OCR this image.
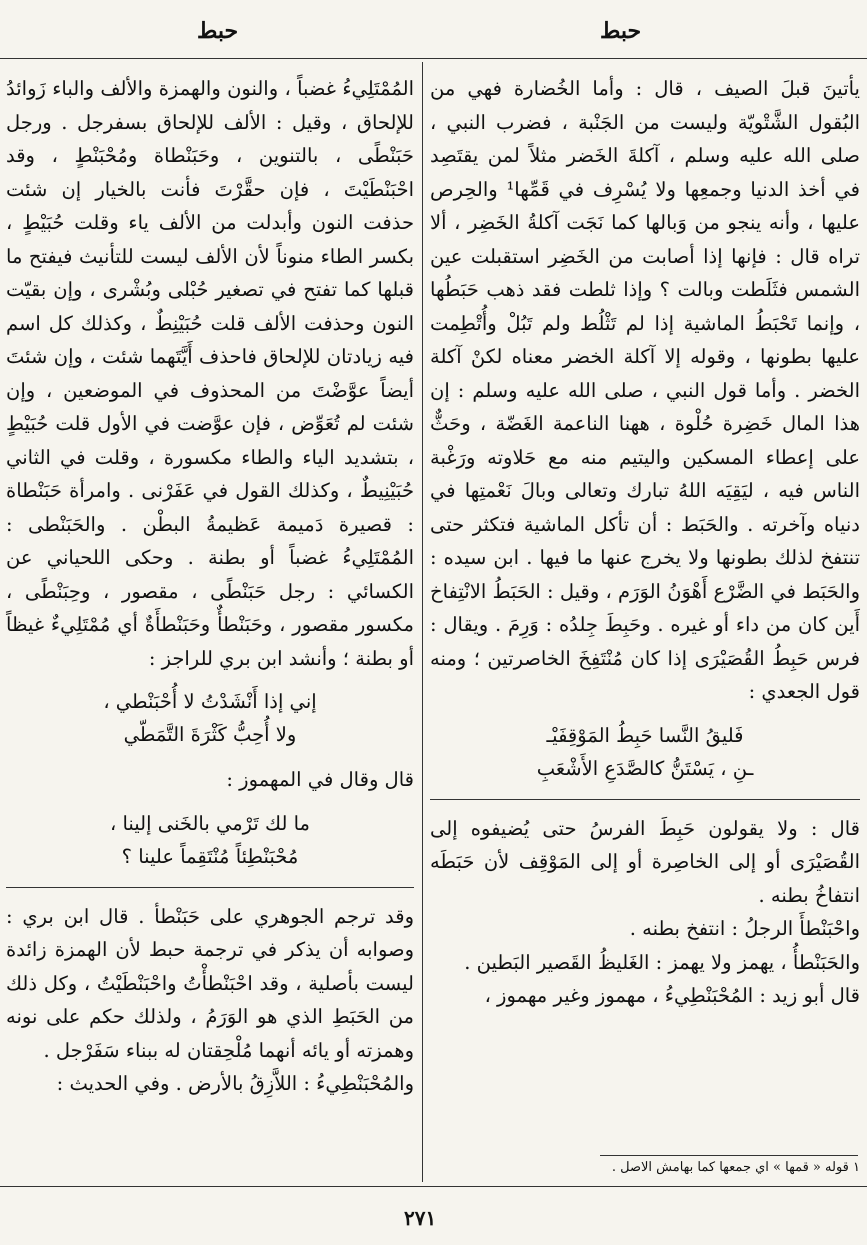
حبط
حبط

يأتينَ قبلَ الصيف ، قال : وأما الخُضارة فهي من البُقول الشَّتْويّة وليست من الجَنْبة ، فضرب النبي ، صلى الله عليه وسلم ، آكلةَ الخَضر مثلاً لمن يقتَصِد في أخذ الدنيا وجمعِها ولا يُسْرِف في قَمِّها¹ والحِرص عليها ، وأنه ينجو من وَبالها كما نَجَت آكلةُ الخَضِر ، ألا تراه قال : فإنها إذا أصابت من الخَضِر استقبلت عين الشمس فثَلَطت وبالت ؟ وإذا ثلطت فقد ذهب حَبَطُها ، وإنما تَحْبَطُ الماشية إذا لم تَثْلُط ولم تَبُلْ وأُتْطِمت عليها بطونها ، وقوله إلا آكلة الخضر معناه لكنْ آكلة الخضر . وأما قول النبي ، صلى الله عليه وسلم : إن هذا المال خَضِرة حُلْوة ، ههنا الناعمة الغَضّة ، وحَثٌّ على إعطاء المسكين واليتيم منه مع حَلاوته ورَغْبة الناس فيه ، ليَقِيَه اللهُ تبارك وتعالى وبالَ نَعْمتِها في دنياه وآخرته . والحَبَط : أن تأكل الماشية فتكثر حتى تنتفخ لذلك بطونها ولا يخرج عنها ما فيها . ابن سيده : والحَبَط في الضَّرْع أَهْوَنُ الوَرَم ، وقيل : الحَبَطُ الانْتِفاخ أَين كان من داء أو غيره . وحَبِطَ جِلدُه : وَرِمَ . ويقال : فرس حَبِطُ القُصَيْرَى إذا كان مُنْتَفِخَ الخاصرتين ؛ ومنه قول الجعدي :

فَليقُ النَّسا حَبِطُ المَوْقِفَيْـ
ـنِ ، يَسْتَنُّ كالصَّدَعِ الأَشْعَبِ

قال : ولا يقولون حَبِطَ الفرسُ حتى يُضيفوه إلى القُصَيْرَى أو إلى الخاصِرة أو إلى المَوْقِف لأن حَبَطَه انتفاخُ بطنه .

واحْبَنْطأَ الرجلُ : انتفخ بطنه .

والحَبَنْطأُ ، يهمز ولا يهمز : الغَليظُ القَصير البَطين .

قال أبو زيد : المُحْبَنْطِيءُ ، مهموز وغير مهموز ،

المُمْتَلِيءُ غضباً ، والنون والهمزة والألف والباء زَوائدُ للإلحاق ، وقيل : الألف للإلحاق بسفرجل . ورجل حَبَنْطًى ، بالتنوين ، وحَبَنْطاة ومُحْبَنْطٍ ، وقد احْبَنْطَيْتَ ، فإن حقَّرْتَ فأنت بالخيار إن شئت حذفت النون وأبدلت من الألف ياء وقلت حُبَيْطٍ ، بكسر الطاء منوناً لأن الألف ليست للتأنيث فيفتح ما قبلها كما تفتح في تصغير حُبْلى وبُشْرى ، وإن بقيّت النون وحذفت الألف قلت حُبَيْنِطٌ ، وكذلك كل اسم فيه زيادتان للإلحاق فاحذف أَيَّتَهما شئت ، وإن شئتَ أيضاً عوَّضْتَ من المحذوف في الموضعين ، وإن شئت لم تُعَوِّض ، فإن عوَّضت في الأول قلت حُبَيْطٍ ، بتشديد الياء والطاء مكسورة ، وقلت في الثاني حُبَيْنِيطٌ ، وكذلك القول في عَفَرْنى . وامرأة حَبَنْطاة : قصيرة دَميمة عَظيمةُ البطْن . والحَبَنْطى : المُمْتَلِيءُ غضباً أو بطنة . وحكى اللحياني عن الكسائي : رجل حَبَنْطًى ، مقصور ، وحِبَنْطًى ، مكسور مقصور ، وحَبَنْطأٌ وحَبَنْطأَةٌ أي مُمْتَلِيءٌ غيظاً أو بطنة ؛ وأنشد ابن بري للراجز :

إني إذا أَنْشَدْتُ لا أُحْبَنْطي ،
ولا أُحِبُّ كَثْرَةَ التَّمَطّي

قال وقال في المهموز :

ما لك تَرْمي بالخَنى إلينا ،
مُحْبَنْطِئاً مُنْتَقِماً علينا ؟

وقد ترجم الجوهري على حَبَنْطأ . قال ابن بري : وصوابه أن يذكر في ترجمة حبط لأن الهمزة زائدة ليست بأصلية ، وقد احْبَنْطأْتُ واحْبَنْطَيْتُ ، وكل ذلك من الحَبَطِ الذي هو الوَرَمُ ، ولذلك حكم على نونه وهمزته أو يائه أنهما مُلْحِقتان له ببناء سَفَرْجل .

والمُحْبَنْطِيءُ : اللاَّزِقُ بالأرض . وفي الحديث :

١ قوله « قمها » اي جمعها كما بهامش الاصل .
٢٧١
